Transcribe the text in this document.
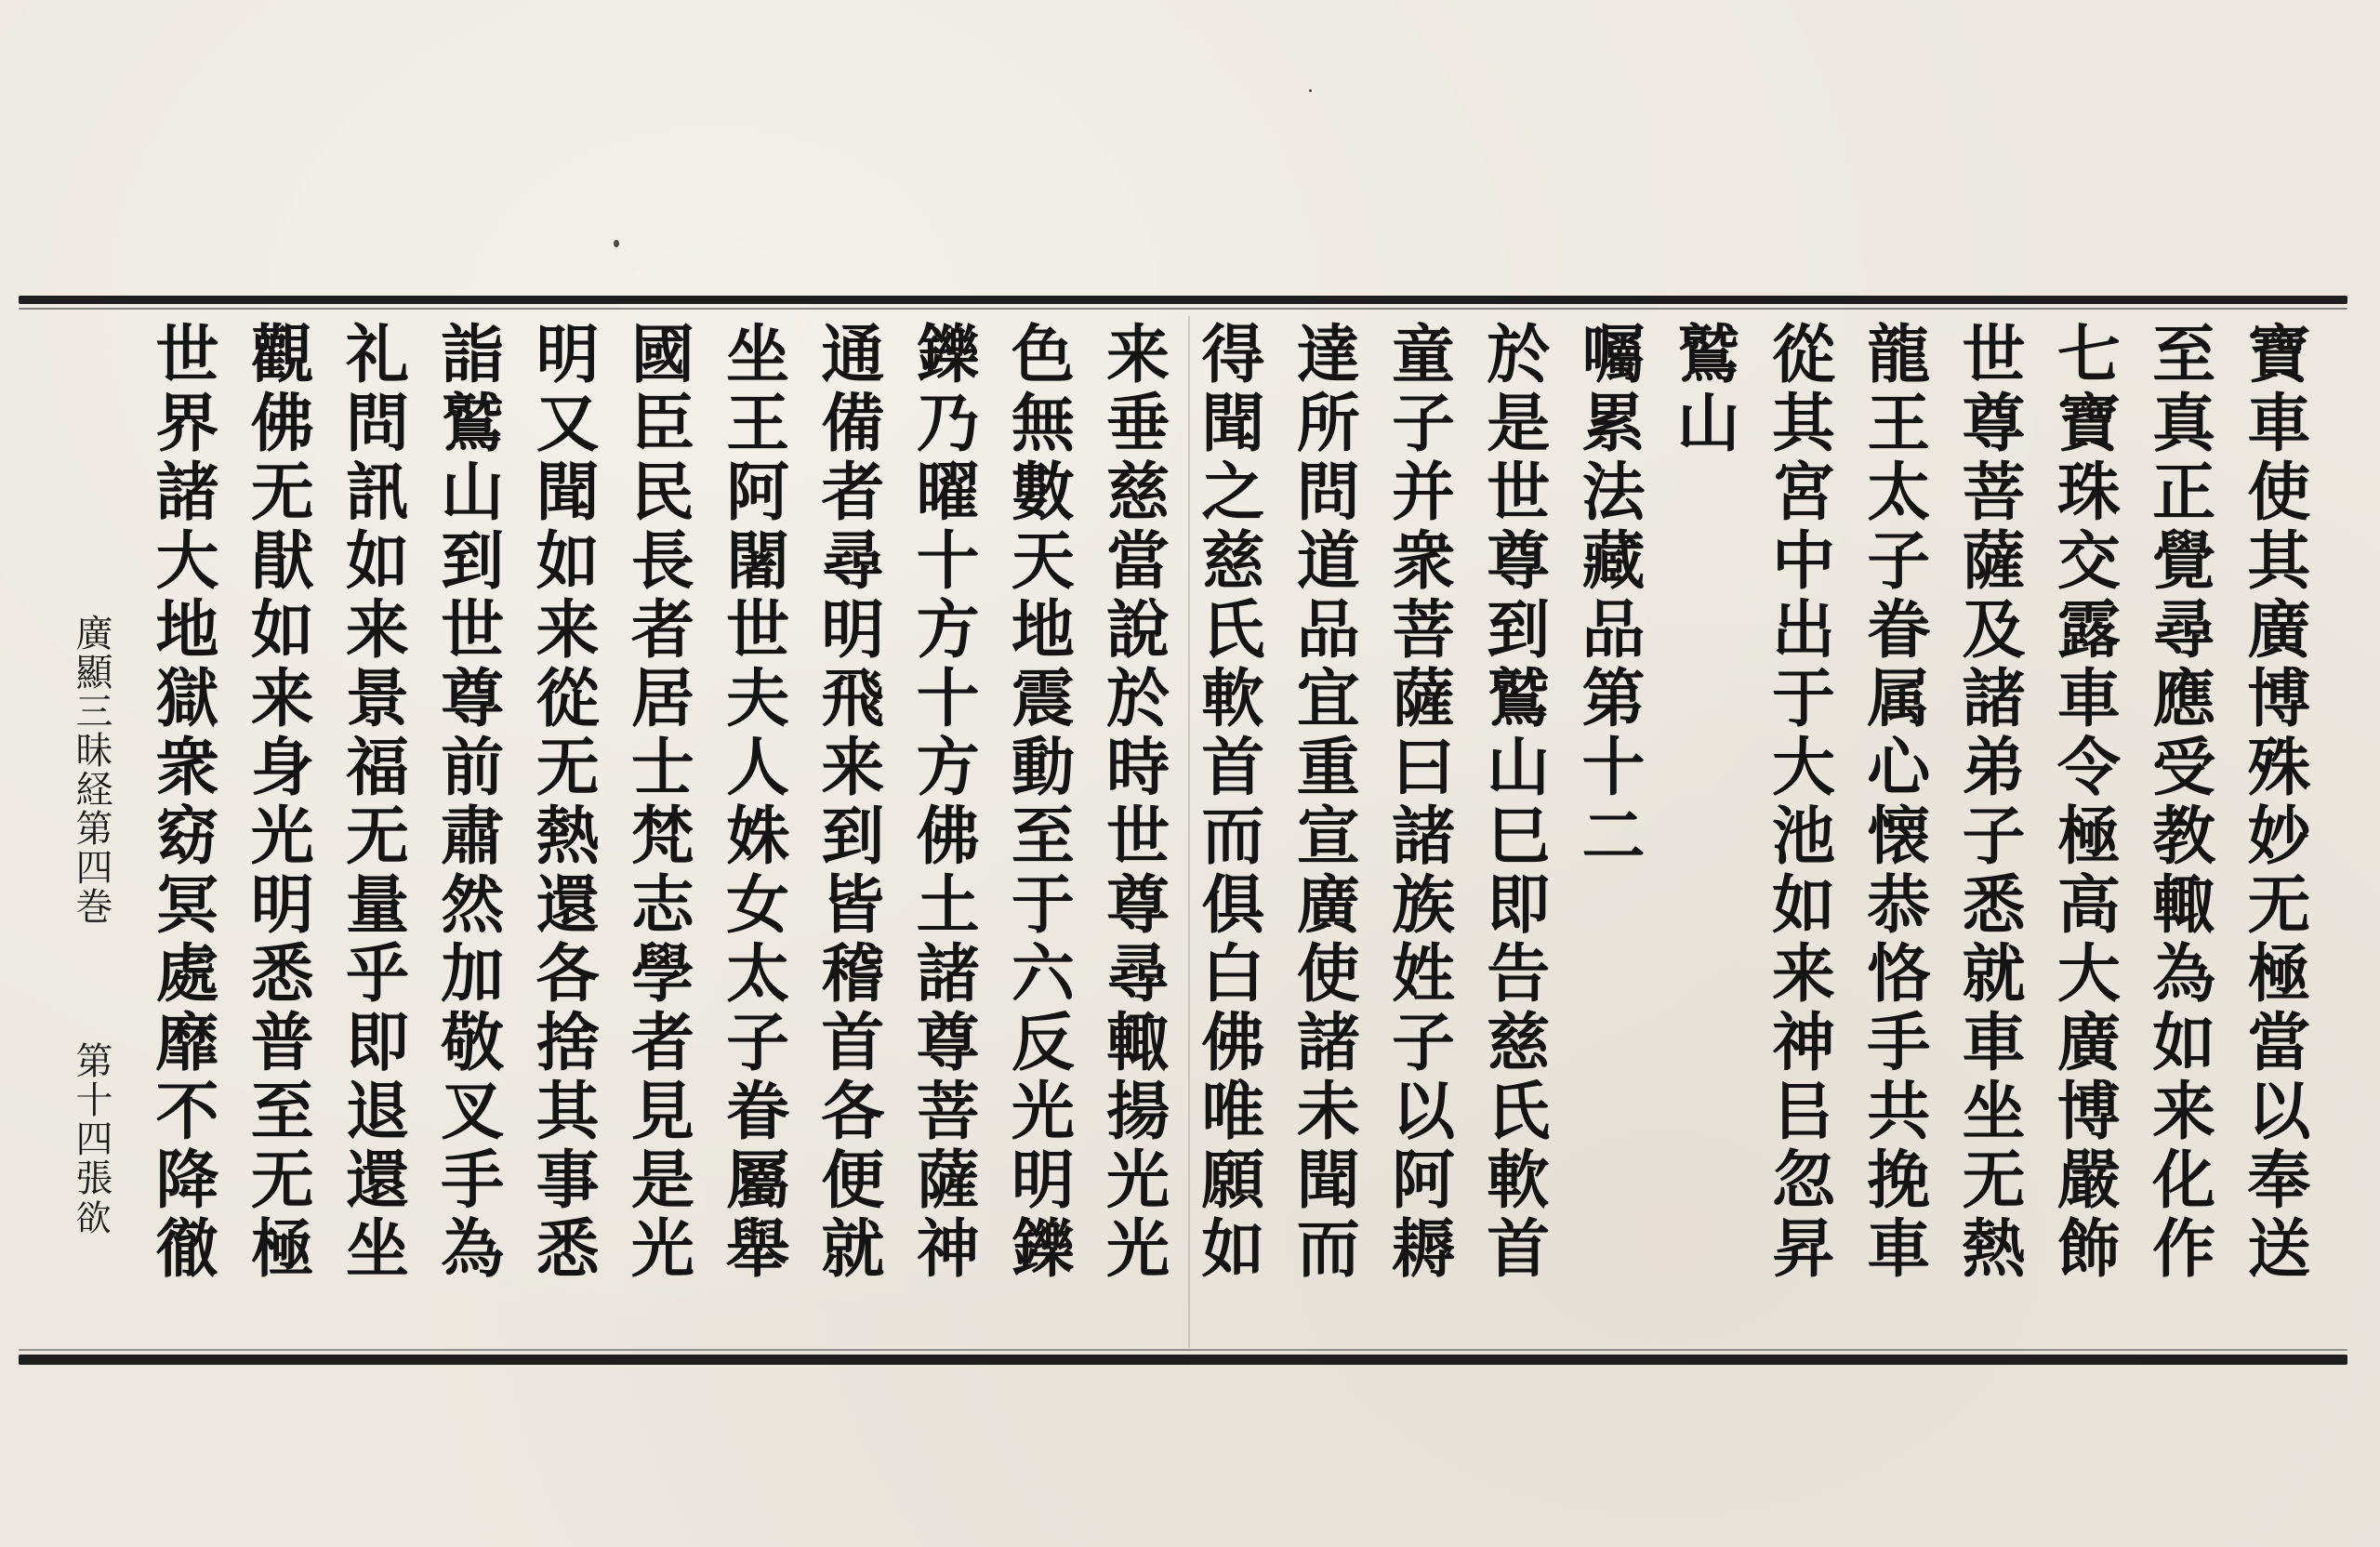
寶車使其廣博殊妙无極當以奉送
至真正覺尋應受教輙為如来化作
七寶珠交露車令極高大廣博嚴飾
世尊菩薩及諸弟子悉就車坐无熱
龍王太子眷属心懐恭恪手共挽車
從其宮中出于大池如来神㠯忽昇
鷲山
囑累法藏品第十二
於是世尊到鷲山巳即告慈氏軟首
童子并衆菩薩曰諸族姓子以阿耨
達所問道品宜重宣廣使諸未聞而
得聞之慈氏軟首而俱白佛唯願如
来垂慈當說於時世尊尋輙揚光光
色無數天地震動至于六反光明鑠
鑠乃曜十方十方佛土諸尊菩薩神
通備者尋明飛来到皆稽首各便就
坐王阿闍世夫人姝女太子眷屬舉
國臣民長者居士梵志學者見是光
明又聞如来從无熱還各捨其事悉
詣鷲山到世尊前肅然加敬叉手為
礼問訊如来景福无量乎即退還坐
觀佛无猒如来身光明悉普至无極
世界諸大地獄衆窈冥處靡不降徹
廣顯三昧経第四巻
第十四張
欲
